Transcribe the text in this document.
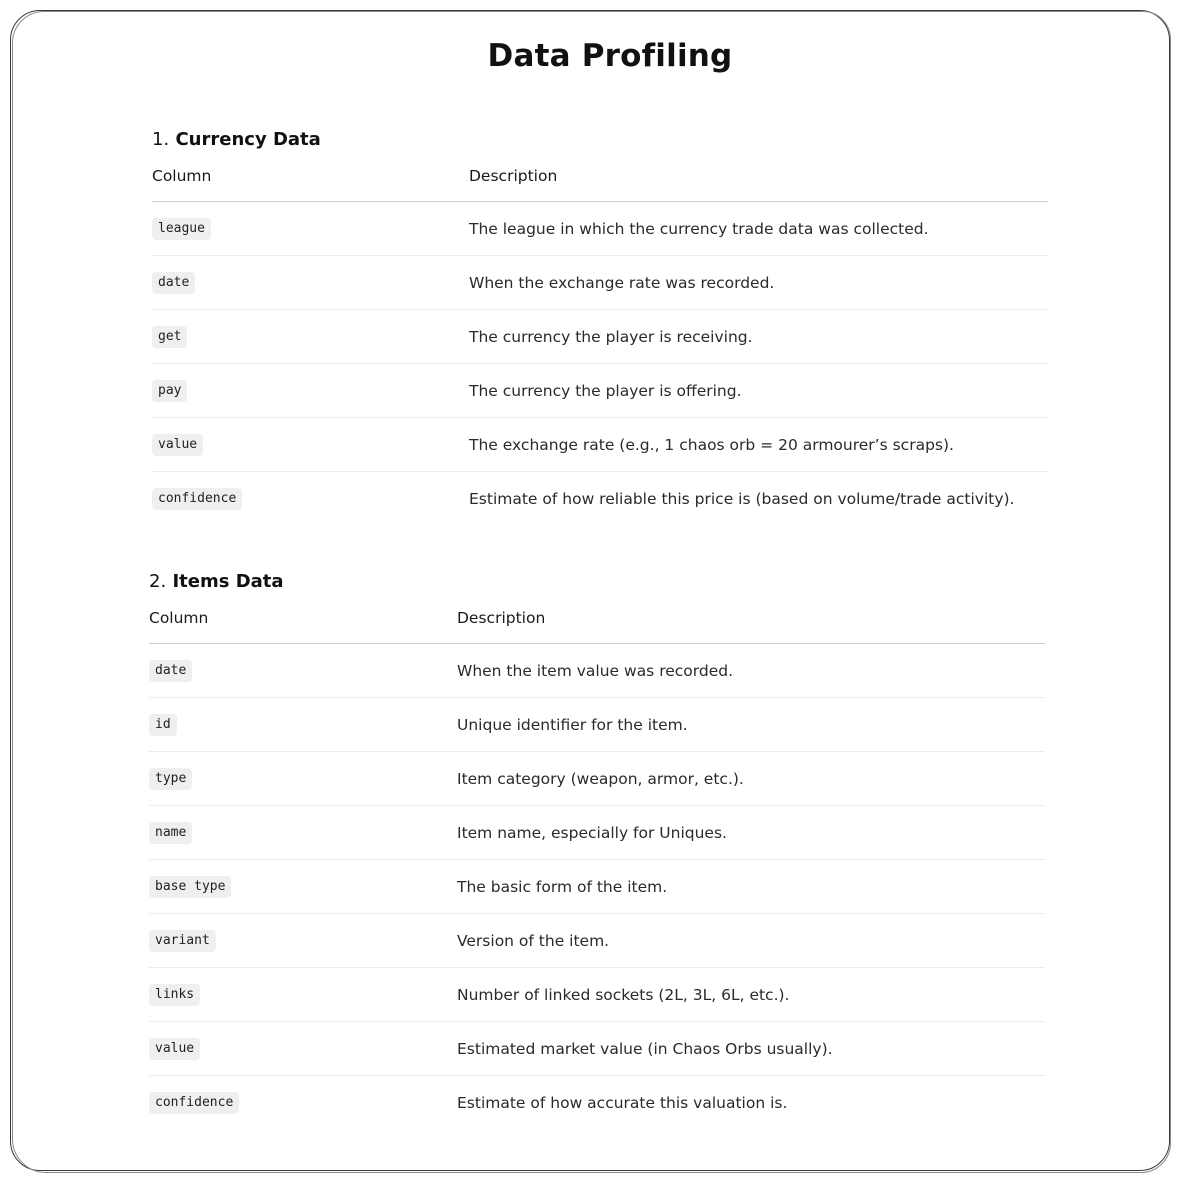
Data Profiling
1. Currency Data
Column	Description
league	The league in which the currency trade data was collected.
date	When the exchange rate was recorded.
get	The currency the player is receiving.
pay	The currency the player is offering.
value	The exchange rate (e.g., 1 chaos orb = 20 armourer’s scraps).
confidence	Estimate of how reliable this price is (based on volume/trade activity).
2. Items Data
Column	Description
date	When the item value was recorded.
id	Unique identifier for the item.
type	Item category (weapon, armor, etc.).
name	Item name, especially for Uniques.
base type	The basic form of the item.
variant	Version of the item.
links	Number of linked sockets (2L, 3L, 6L, etc.).
value	Estimated market value (in Chaos Orbs usually).
confidence	Estimate of how accurate this valuation is.
